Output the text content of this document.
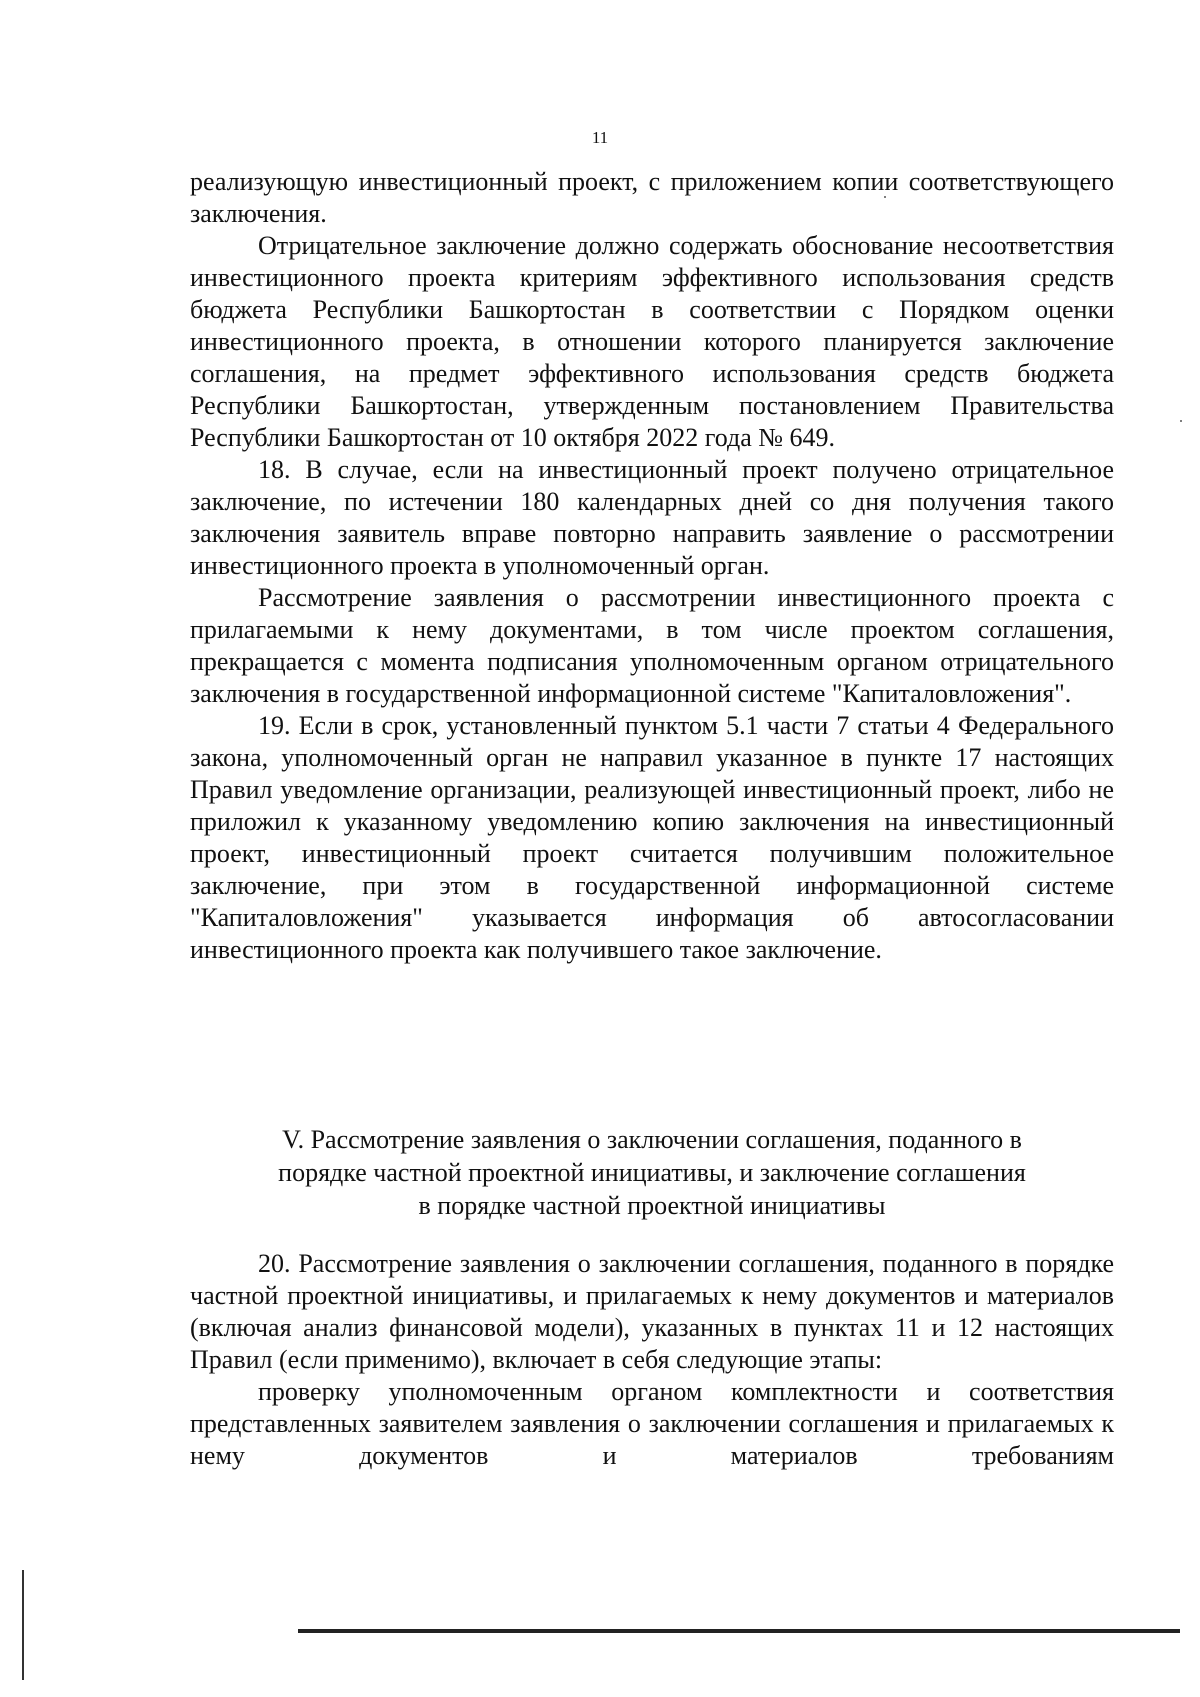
11

реализующую инвестиционный проект, с приложением копии соответствующего заключения.

Отрицательное заключение должно содержать обоснование несоответствия инвестиционного проекта критериям эффективного использования средств бюджета Республики Башкортостан в соответствии с Порядком оценки инвестиционного проекта, в отношении которого планируется заключение соглашения, на предмет эффективного использования средств бюджета Республики Башкортостан, утвержденным постановлением Правительства Республики Башкортостан от 10 октября 2022 года № 649.

18. В случае, если на инвестиционный проект получено отрицательное заключение, по истечении 180 календарных дней со дня получения такого заключения заявитель вправе повторно направить заявление о рассмотрении инвестиционного проекта в уполномоченный орган.

Рассмотрение заявления о рассмотрении инвестиционного проекта с прилагаемыми к нему документами, в том числе проектом соглашения, прекращается с момента подписания уполномоченным органом отрицательного заключения в государственной информационной системе "Капиталовложения".

19. Если в срок, установленный пунктом 5.1 части 7 статьи 4 Федерального закона, уполномоченный орган не направил указанное в пункте 17 настоящих Правил уведомление организации, реализующей инвестиционный проект, либо не приложил к указанному уведомлению копию заключения на инвестиционный проект, инвестиционный проект считается получившим положительное заключение, при этом в государственной информационной системе "Капиталовложения" указывается информация об автосогласовании инвестиционного проекта как получившего такое заключение.

V. Рассмотрение заявления о заключении соглашения, поданного в
порядке частной проектной инициативы, и заключение соглашения
в порядке частной проектной инициативы

20. Рассмотрение заявления о заключении соглашения, поданного в порядке частной проектной инициативы, и прилагаемых к нему документов и материалов (включая анализ финансовой модели), указанных в пунктах 11 и 12 настоящих Правил (если применимо), включает в себя следующие этапы:

проверку уполномоченным органом комплектности и соответствия представленных заявителем заявления о заключении соглашения и прилагаемых к нему документов и материалов требованиям
